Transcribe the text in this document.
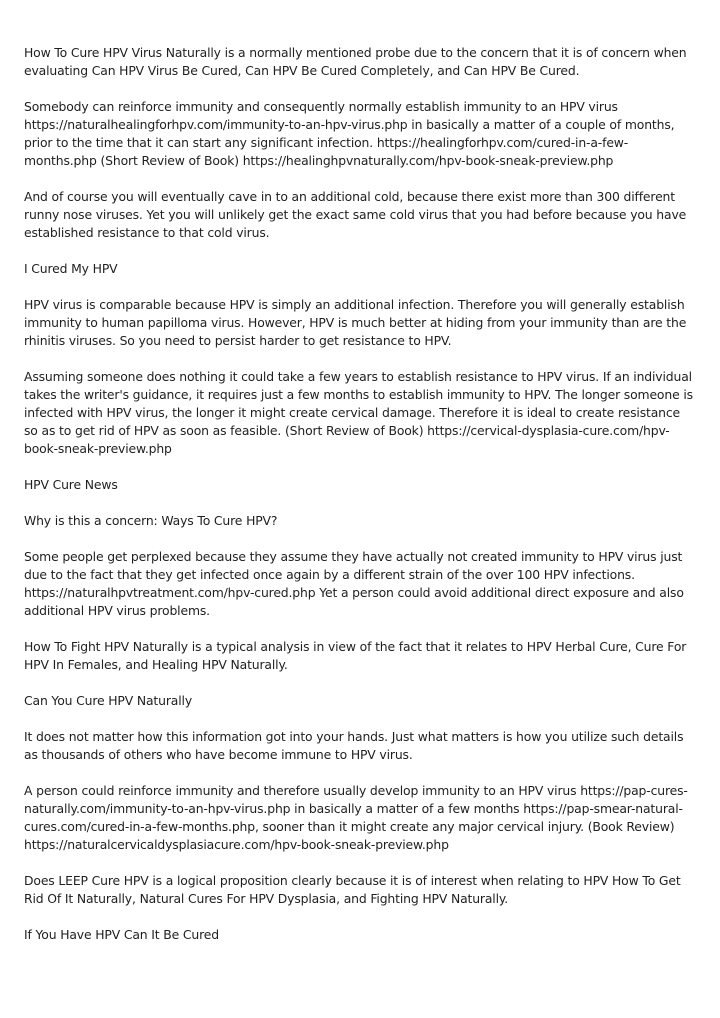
How To Cure HPV Virus Naturally is a normally mentioned probe due to the concern that it is of concern when evaluating Can HPV Virus Be Cured, Can HPV Be Cured Completely, and Can HPV Be Cured.

Somebody can reinforce immunity and consequently normally establish immunity to an HPV virus https://naturalhealingforhpv.com/immunity-to-an-hpv-virus.php in basically a matter of a couple of months, prior to the time that it can start any significant infection. https://healingforhpv.com/cured-in-a-few-months.php (Short Review of Book) https://healinghpvnaturally.com/hpv-book-sneak-preview.php

And of course you will eventually cave in to an additional cold, because there exist more than 300 different runny nose viruses. Yet you will unlikely get the exact same cold virus that you had before because you have established resistance to that cold virus.

I Cured My HPV

HPV virus is comparable because HPV is simply an additional infection. Therefore you will generally establish immunity to human papilloma virus. However, HPV is much better at hiding from your immunity than are the rhinitis viruses. So you need to persist harder to get resistance to HPV.

Assuming someone does nothing it could take a few years to establish resistance to HPV virus. If an individual takes the writer's guidance, it requires just a few months to establish immunity to HPV. The longer someone is infected with HPV virus, the longer it might create cervical damage. Therefore it is ideal to create resistance so as to get rid of HPV as soon as feasible. (Short Review of Book) https://cervical-dysplasia-cure.com/hpv-book-sneak-preview.php

HPV Cure News

Why is this a concern: Ways To Cure HPV?

Some people get perplexed because they assume they have actually not created immunity to HPV virus just due to the fact that they get infected once again by a different strain of the over 100 HPV infections. https://naturalhpvtreatment.com/hpv-cured.php Yet a person could avoid additional direct exposure and also additional HPV virus problems.

How To Fight HPV Naturally is a typical analysis in view of the fact that it relates to HPV Herbal Cure, Cure For HPV In Females, and Healing HPV Naturally.

Can You Cure HPV Naturally

It does not matter how this information got into your hands. Just what matters is how you utilize such details as thousands of others who have become immune to HPV virus.

A person could reinforce immunity and therefore usually develop immunity to an HPV virus https://pap-cures-naturally.com/immunity-to-an-hpv-virus.php in basically a matter of a few months https://pap-smear-natural-cures.com/cured-in-a-few-months.php, sooner than it might create any major cervical injury. (Book Review) https://naturalcervicaldysplasiacure.com/hpv-book-sneak-preview.php

Does LEEP Cure HPV is a logical proposition clearly because it is of interest when relating to HPV How To Get Rid Of It Naturally, Natural Cures For HPV Dysplasia, and Fighting HPV Naturally.

If You Have HPV Can It Be Cured
